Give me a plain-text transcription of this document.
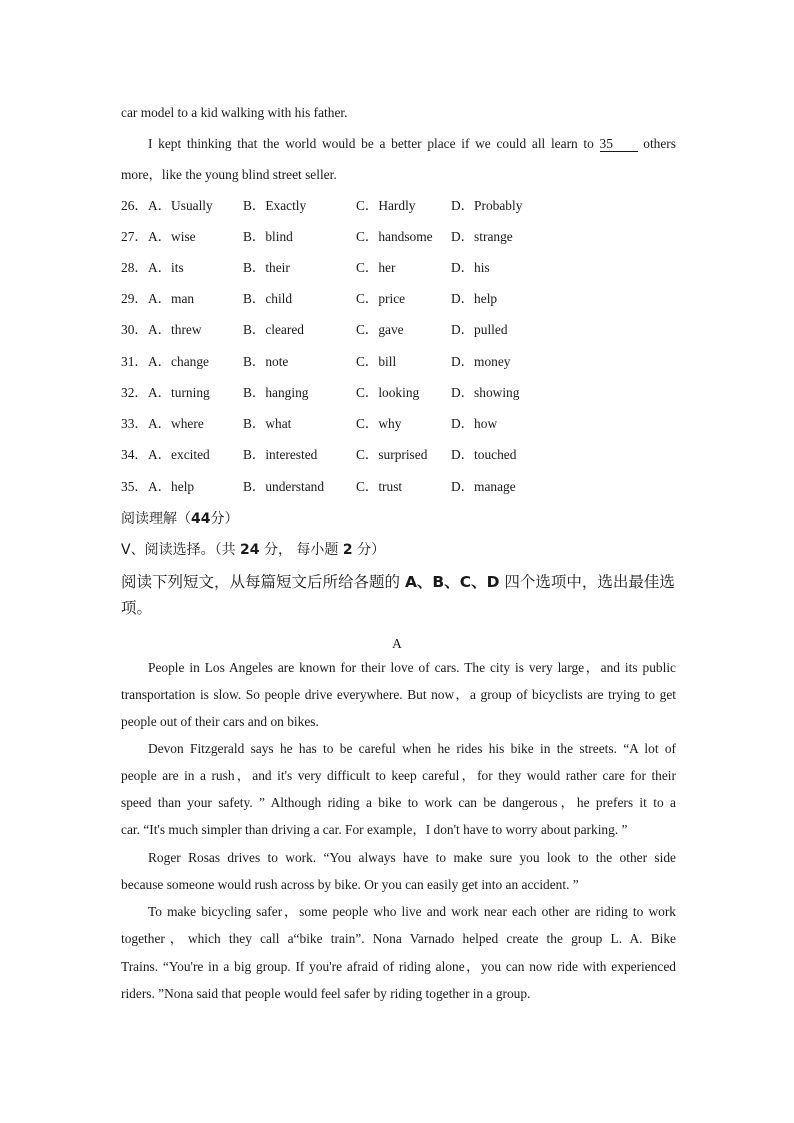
car model to a kid walking with his father.
I kept thinking that the world would be a better place if we could all learn to 35 others
more，like the young blind street seller.
26． A．Usually B．Exactly	C．Hardly	D．Probably
27． A．wise	B．blind	C．handsome D．strange
28． A．its	B．their	C．her	D．his
29． A．man	B．child	C．price	D．help
30． A．threw	B．cleared	C．gave	D．pulled
31． A．change	B．note	C．bill	D．money
32． A．turning B．hanging	C．looking D．showing
33． A．where	B．what	C．why	D．how
34． A．excited B．interested	C．surprised D．touched
35． A．help	B．understand C．trust	D．manage
阅读理解（44分）
Ⅴ、阅读选择。（共 24 分， 每小题 2 分）
阅读下列短文，从每篇短文后所给各题的 A、B、C、D 四个选项中，选出最佳选项。
A
People in Los Angeles are known for their love of cars. The city is very large，and its public
transportation is slow. So people drive everywhere. But now，a group of bicyclists are trying to get
people out of their cars and on bikes.
Devon Fitzgerald says he has to be careful when he rides his bike in the streets. “A lot of
people are in a rush，and it's very difficult to keep careful，for they would rather care for their
speed than your safety. ” Although riding a bike to work can be dangerous，he prefers it to a
car. “It's much simpler than driving a car. For example，I don't have to worry about parking. ”
Roger Rosas drives to work. “You always have to make sure you look to the other side
because someone would rush across by bike. Or you can easily get into an accident. ”
To make bicycling safer，some people who live and work near each other are riding to work
together，which they call a“bike train”. Nona Varnado helped create the group L. A. Bike
Trains. “You're in a big group. If you're afraid of riding alone，you can now ride with experienced
riders. ”Nona said that people would feel safer by riding together in a group.
